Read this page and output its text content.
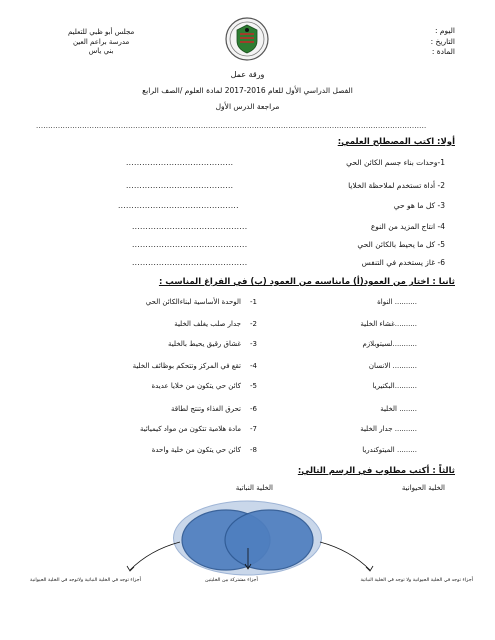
اليوم :
التاريخ :
المادة :
مجلس أبو ظبي للتعليم
مدرسة براعم العين
بني ياس
ورقة عمل
الفصل الدراسي الأول للعام 2016-2017 لمادة العلوم /الصف الرابع
مراجعة الدرس الأول
.................................................................................................................................................................
أولا: اكتب المصطلح العلمي:
1-وحدات بناء جسم الكائن الحي
........................................
2- أداة تستخدم لملاحظة الخلايا
........................................
3- كل ما هو حي
.............................................
4- انتاج المزيد من النوع
...........................................
5- كل ما يحيط بالكائن الحي
...........................................
6- غاز يستخدم في التنفس
...........................................
ثانيا : اختار من العمود(أ) مايناسبه من العمود (ب) في الفراغ المناسب :
.......... النواة
1-
الوحدة الأساسية لبناءالكائن الحي
..........غشاء الخلية
2-
جدار صلب يغلف الخلية
...........لسيتوبلازم
3-
غشاق رقيق يحيط بالخلية
........... الانسان
4-
تقع في المركز وتتحكم بوظائف الخلية
..........البكتيريا
5-
كائن حي يتكون من خلايا عديدة
........ الخلية
6-
تحرق الغذاء وتنتج لطاقة
.......... جدار الخلية
7-
مادة هلامية تتكون من مواد كيميائية
......... الميتوكندريا
8-
كائن حي يتكون من خلية واحدة
ثالثاً : أكتب مطلوب في الرسم التالي:
الخلية الحيوانية
الخلية النباتية
أجزاء توجد في الخلية الحيوانية ولا توجد في الخلية النباتية
أجزاء مشتركة بين الخليتين
أجزاء توجد في الخلية النباتية ولاتوجد في الخلية الحيوانية
